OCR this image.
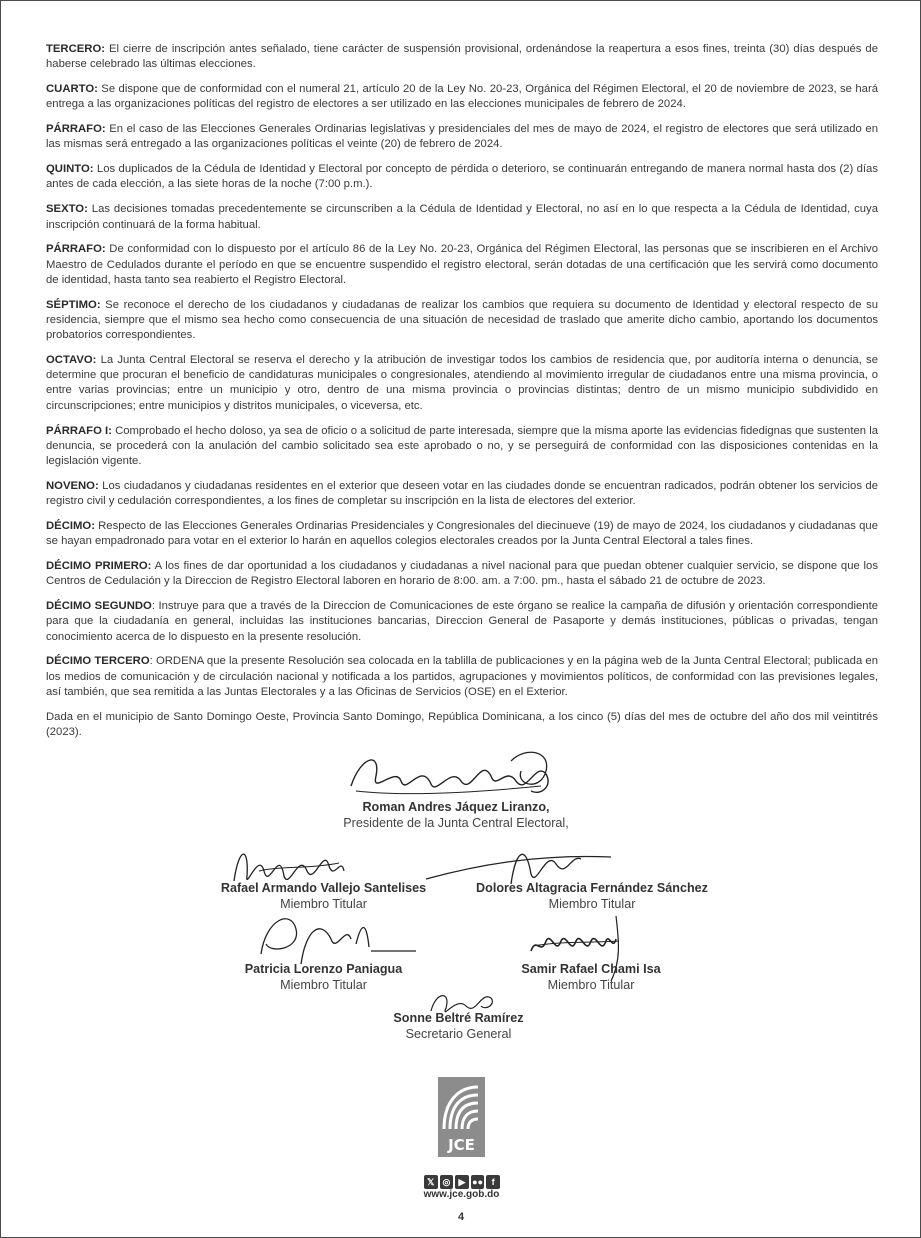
TERCERO: El cierre de inscripción antes señalado, tiene carácter de suspensión provisional, ordenándose la reapertura a esos fines, treinta (30) días después de haberse celebrado las últimas elecciones.

CUARTO: Se dispone que de conformidad con el numeral 21, artículo 20 de la Ley No. 20-23, Orgánica del Régimen Electoral, el 20 de noviembre de 2023, se hará entrega a las organizaciones políticas del registro de electores a ser utilizado en las elecciones municipales de febrero de 2024.

PÁRRAFO: En el caso de las Elecciones Generales Ordinarias legislativas y presidenciales del mes de mayo de 2024, el registro de electores que será utilizado en las mismas será entregado a las organizaciones políticas el veinte (20) de febrero de 2024.

QUINTO: Los duplicados de la Cédula de Identidad y Electoral por concepto de pérdida o deterioro, se continuarán entregando de manera normal hasta dos (2) días antes de cada elección, a las siete horas de la noche (7:00 p.m.).

SEXTO: Las decisiones tomadas precedentemente se circunscriben a la Cédula de Identidad y Electoral, no así en lo que respecta a la Cédula de Identidad, cuya inscripción continuará de la forma habitual.

PÁRRAFO: De conformidad con lo dispuesto por el artículo 86 de la Ley No. 20-23, Orgánica del Régimen Electoral, las personas que se inscribieren en el Archivo Maestro de Cedulados durante el período en que se encuentre suspendido el registro electoral, serán dotadas de una certificación que les servirá como documento de identidad, hasta tanto sea reabierto el Registro Electoral.

SÉPTIMO: Se reconoce el derecho de los ciudadanos y ciudadanas de realizar los cambios que requiera su documento de Identidad y electoral respecto de su residencia, siempre que el mismo sea hecho como consecuencia de una situación de necesidad de traslado que amerite dicho cambio, aportando los documentos probatorios correspondientes.

OCTAVO: La Junta Central Electoral se reserva el derecho y la atribución de investigar todos los cambios de residencia que, por auditoría interna o denuncia, se determine que procuran el beneficio de candidaturas municipales o congresionales, atendiendo al movimiento irregular de ciudadanos entre una misma provincia, o entre varias provincias; entre un municipio y otro, dentro de una misma provincia o provincias distintas; dentro de un mismo municipio subdividido en circunscripciones; entre municipios y distritos municipales, o viceversa, etc.

PÁRRAFO I: Comprobado el hecho doloso, ya sea de oficio o a solicitud de parte interesada, siempre que la misma aporte las evidencias fidedignas que sustenten la denuncia, se procederá con la anulación del cambio solicitado sea este aprobado o no, y se perseguirá de conformidad con las disposiciones contenidas en la legislación vigente.

NOVENO: Los ciudadanos y ciudadanas residentes en el exterior que deseen votar en las ciudades donde se encuentran radicados, podrán obtener los servicios de registro civil y cedulación correspondientes, a los fines de completar su inscripción en la lista de electores del exterior.

DÉCIMO: Respecto de las Elecciones Generales Ordinarias Presidenciales y Congresionales del diecinueve (19) de mayo de 2024, los ciudadanos y ciudadanas que se hayan empadronado para votar en el exterior lo harán en aquellos colegios electorales creados por la Junta Central Electoral a tales fines.

DÉCIMO PRIMERO: A los fines de dar oportunidad a los ciudadanos y ciudadanas a nivel nacional para que puedan obtener cualquier servicio, se dispone que los Centros de Cedulación y la Direccion de Registro Electoral laboren en horario de 8:00. am. a 7:00. pm., hasta el sábado 21 de octubre de 2023.

DÉCIMO SEGUNDO: Instruye para que a través de la Direccion de Comunicaciones de este órgano se realice la campaña de difusión y orientación correspondiente para que la ciudadanía en general, incluidas las instituciones bancarias, Direccion General de Pasaporte y demás instituciones, públicas o privadas, tengan conocimiento acerca de lo dispuesto en la presente resolución.

DÉCIMO TERCERO: ORDENA que la presente Resolución sea colocada en la tablilla de publicaciones y en la página web de la Junta Central Electoral; publicada en los medios de comunicación y de circulación nacional y notificada a los partidos, agrupaciones y movimientos políticos, de conformidad con las previsiones legales, así también, que sea remitida a las Juntas Electorales y a las Oficinas de Servicios (OSE) en el Exterior.

Dada en el municipio de Santo Domingo Oeste, Provincia Santo Domingo, República Dominicana, a los cinco (5) días del mes de octubre del año dos mil veintitrés (2023).

Roman Andres Jáquez Liranzo,
Presidente de la Junta Central Electoral,
Rafael Armando Vallejo Santelises
Miembro Titular
Dolores Altagracia Fernández Sánchez
Miembro Titular
Patricia Lorenzo Paniagua
Miembro Titular
Samir Rafael Chami Isa
Miembro Titular
Sonne Beltré Ramírez
Secretario General
JCE
𝕏 ◎ ▶ ●● f
www.jce.gob.do
4
